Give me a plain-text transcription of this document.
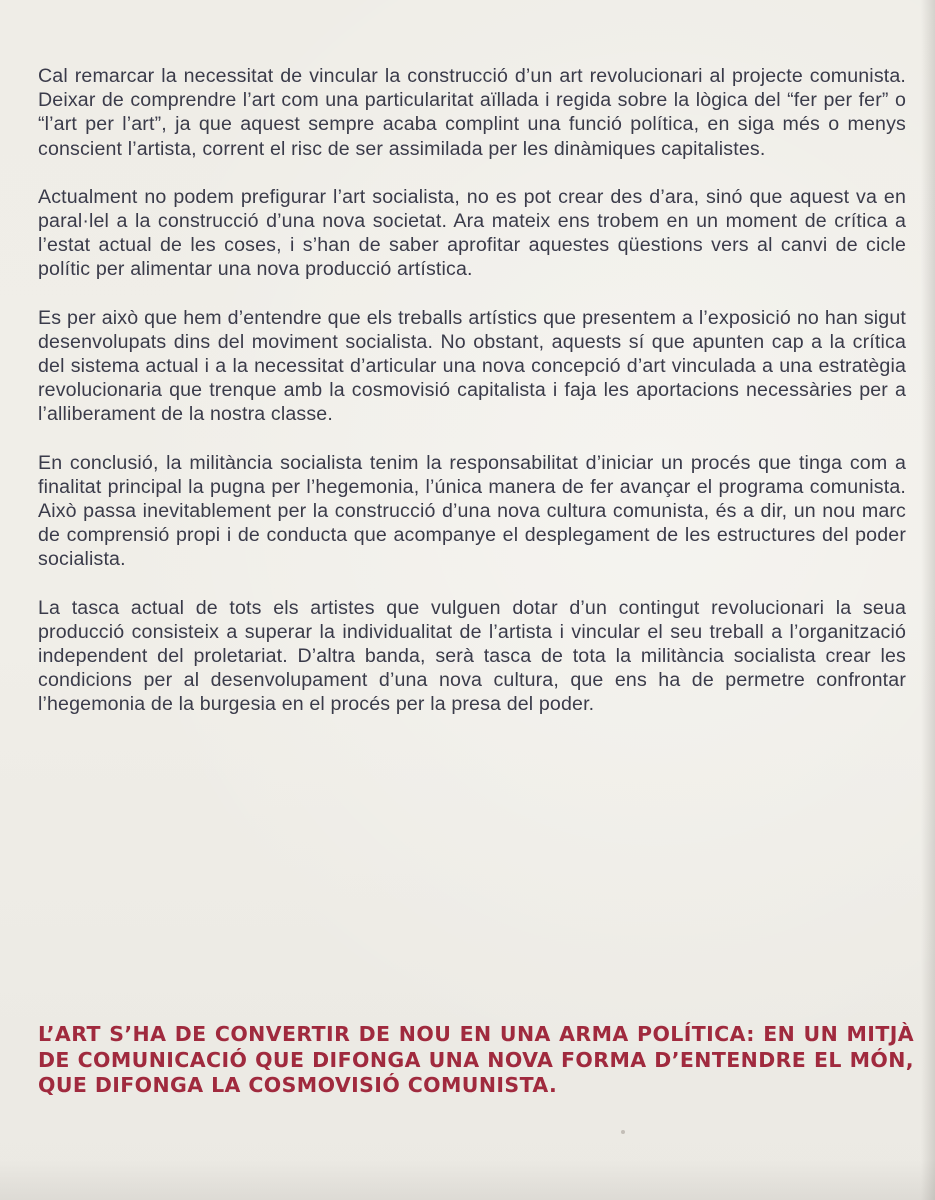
Cal remarcar la necessitat de vincular la construcció d’un art revolucionari al projecte comunista. Deixar de comprendre l’art com una particularitat aïllada i regida sobre la lògica del “fer per fer” o “l’art per l’art”, ja que aquest sempre acaba complint una funció política, en siga més o menys conscient l’artista, corrent el risc de ser assimilada per les dinàmiques capitalistes.

Actualment no podem prefigurar l’art socialista, no es pot crear des d’ara, sinó que aquest va en paral·lel a la construcció d’una nova societat. Ara mateix ens trobem en un moment de crítica a l’estat actual de les coses, i s’han de saber aprofitar aquestes qüestions vers al canvi de cicle polític per alimentar una nova producció artística.

Es per això que hem d’entendre que els treballs artístics que presentem a l’exposició no han sigut desenvolupats dins del moviment socialista. No obstant, aquests sí que apunten cap a la crítica del sistema actual i a la necessitat d’articular una nova concepció d’art vinculada a una estratègia revolucionaria que trenque amb la cosmovisió capitalista i faja les aportacions necessàries per a l’alliberament de la nostra classe.

En conclusió, la militància socialista tenim la responsabilitat d’iniciar un procés que tinga com a finalitat principal la pugna per l’hegemonia, l’única manera de fer avançar el programa comunista. Això passa inevitablement per la construcció d’una nova cultura comunista, és a dir, un nou marc de comprensió propi i de conducta que acompanye el desplegament de les estructures del poder socialista.

La tasca actual de tots els artistes que vulguen dotar d’un contingut revolucionari la seua producció consisteix a superar la individualitat de l’artista i vincular el seu treball a l’organització independent del proletariat. D’altra banda, serà tasca de tota la militància socialista crear les condicions per al desenvolupament d’una nova cultura, que ens ha de permetre confrontar l’hegemonia de la burgesia en el procés per la presa del poder.

L’ART S’HA DE CONVERTIR DE NOU EN UNA ARMA POLÍTICA: EN UN MITJÀ DE COMUNICACIÓ QUE DIFONGA UNA NOVA FORMA D’ENTENDRE EL MÓN, QUE DIFONGA LA COSMOVISIÓ COMUNISTA.
